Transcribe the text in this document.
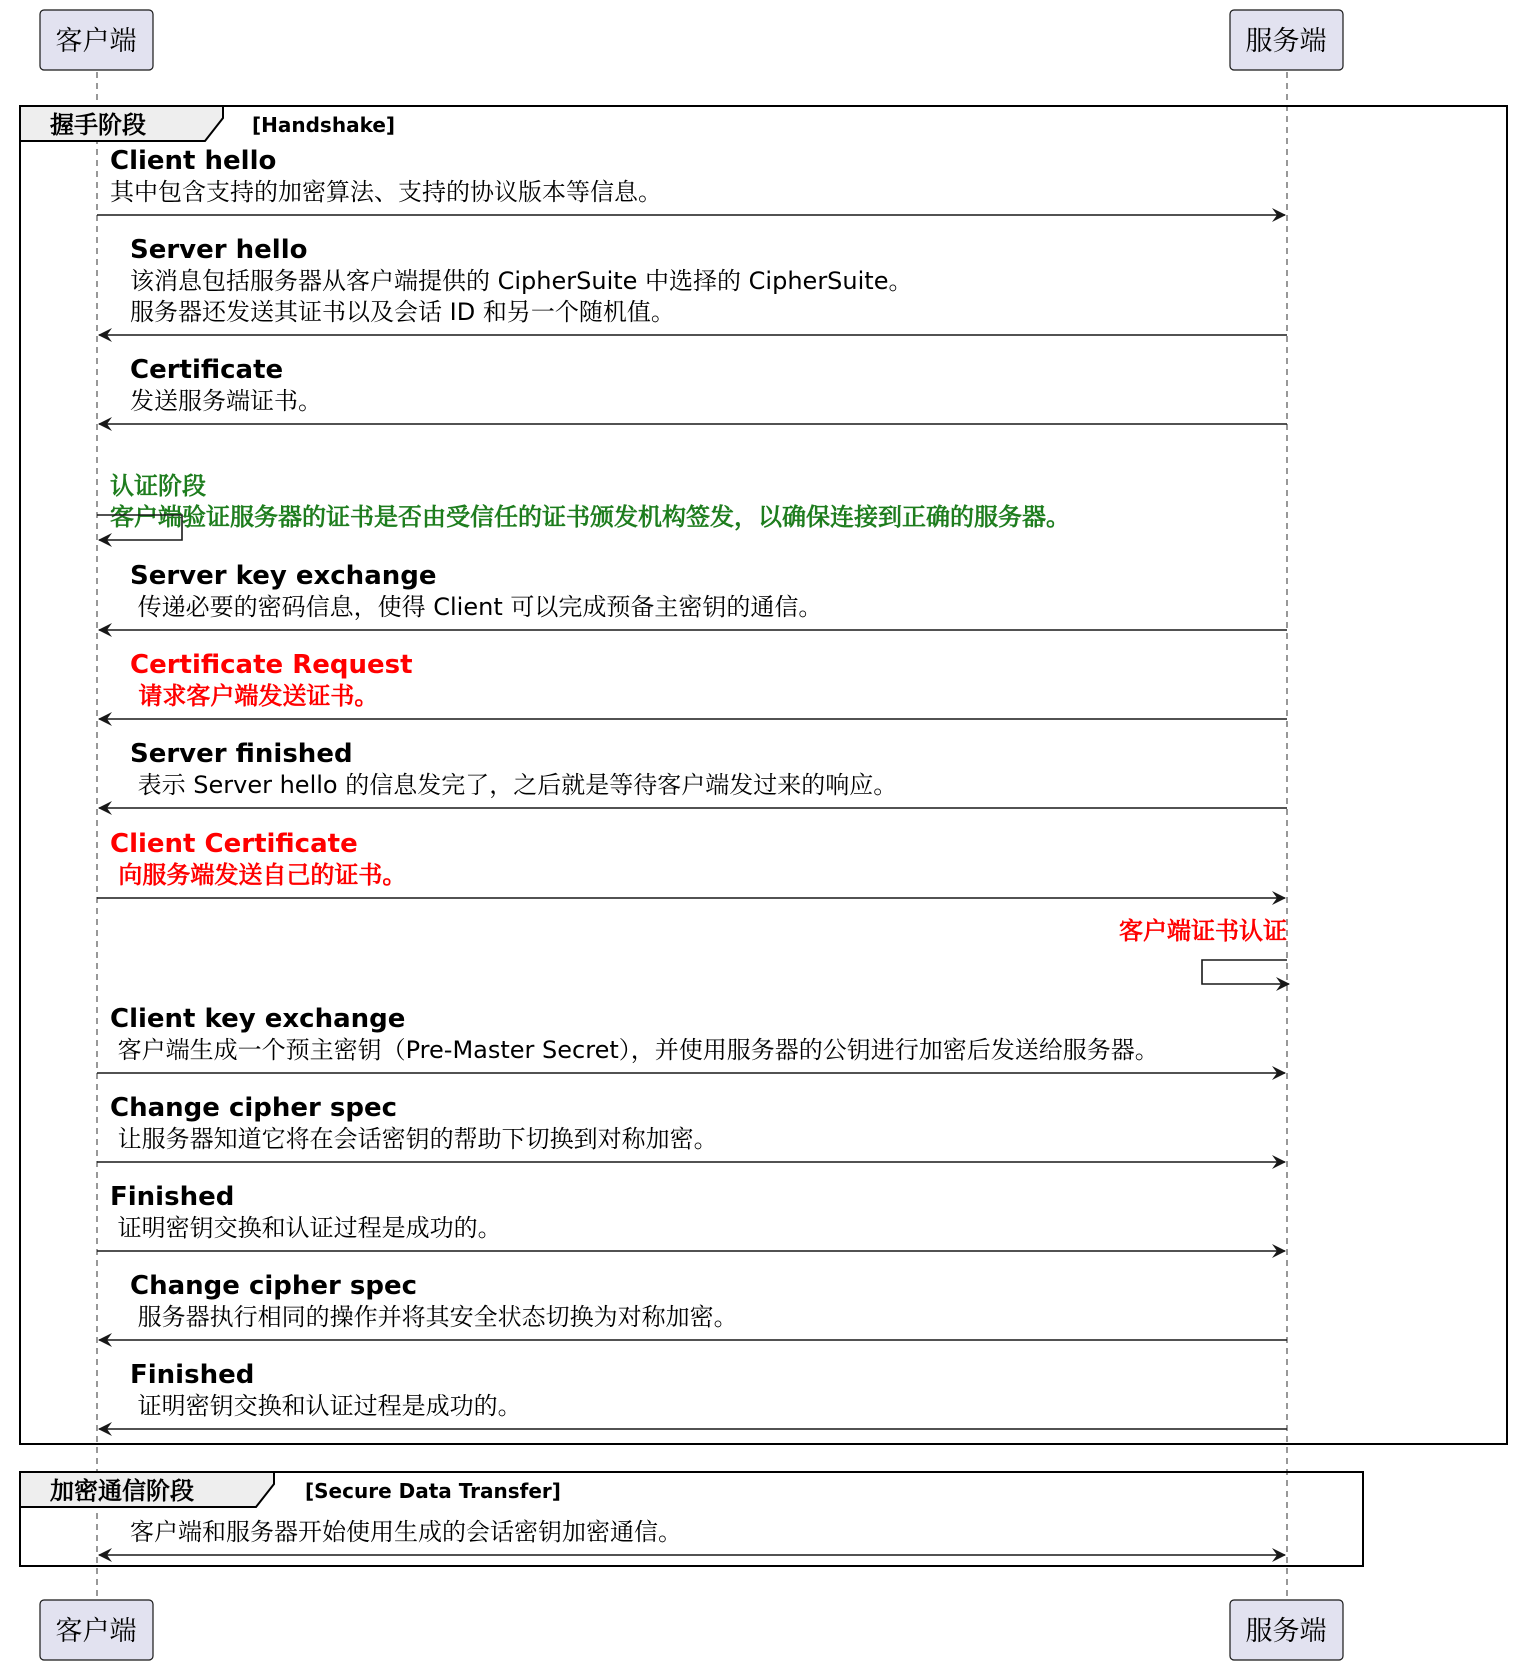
客户端	服务端
客户端	服务端
握手阶段	[Handshake]
加密通信阶段	[Secure Data Transfer]
Client hello
其中包含支持的加密算法、支持的协议版本等信息。
Server hello
该消息包括服务器从客户端提供的 CipherSuite 中选择的 CipherSuite。
服务器还发送其证书以及会话 ID 和另一个随机值。
Certificate
发送服务端证书。
认证阶段
客户端验证服务器的证书是否由受信任的证书颁发机构签发，以确保连接到正确的服务器。
Server key exchange
传递必要的密码信息，使得 Client 可以完成预备主密钥的通信。
Certificate Request
请求客户端发送证书。
Server finished
表示 Server hello 的信息发完了，之后就是等待客户端发过来的响应。
Client Certificate
向服务端发送自己的证书。
客户端证书认证
Client key exchange
客户端生成一个预主密钥（Pre-Master Secret），并使用服务器的公钥进行加密后发送给服务器。
Change cipher spec
让服务器知道它将在会话密钥的帮助下切换到对称加密。
Finished
证明密钥交换和认证过程是成功的。
Change cipher spec
服务器执行相同的操作并将其安全状态切换为对称加密。
Finished
证明密钥交换和认证过程是成功的。
客户端和服务器开始使用生成的会话密钥加密通信。
